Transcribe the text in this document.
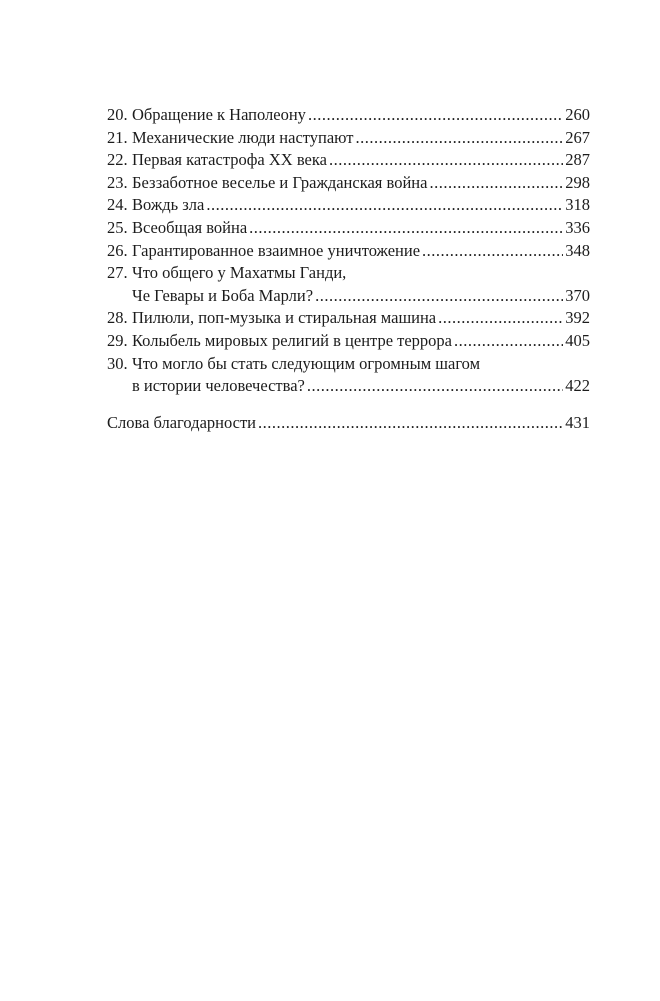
20. Обращение к Наполеону .....	260
21. Механические люди наступают .....	267
22. Первая катастрофа XX века .....	287
23. Беззаботное веселье и Гражданская война .....	298
24. Вождь зла .....	318
25. Всеобщая война .....	336
26. Гарантированное взаимное уничтожение .....	348
27. Что общего у Махатмы Ганди,
Че Гевары и Боба Марли? .....	370
28. Пилюли, поп-музыка и стиральная машина .....	392
29. Колыбель мировых религий в центре террора .....	405
30. Что могло бы стать следующим огромным шагом
в истории человечества? .....	422
Слова благодарности .....	431
